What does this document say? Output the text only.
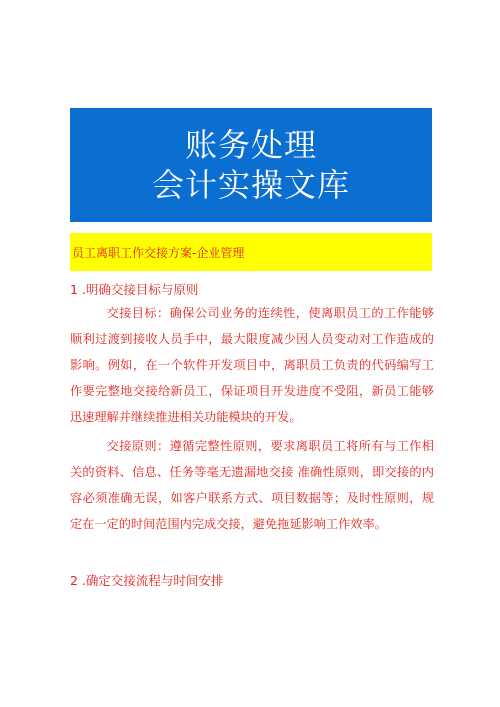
账务处理
会计实操文库
员工离职工作交接方案-企业管理
1 .明确交接目标与原则

交接目标：确保公司业务的连续性，使离职员工的工作能够顺利过渡到接收人员手中，最大限度减少因人员变动对工作造成的影响。例如，在一个软件开发项目中，离职员工负责的代码编写工作要完整地交接给新员工，保证项目开发进度不受阻，新员工能够迅速理解并继续推进相关功能模块的开发。

交接原则：遵循完整性原则，要求离职员工将所有与工作相关的资料、信息、任务等毫无遗漏地交接 准确性原则，即交接的内容必须准确无误，如客户联系方式、项目数据等；及时性原则，规定在一定的时间范围内完成交接，避免拖延影响工作效率。

2 .确定交接流程与时间安排
